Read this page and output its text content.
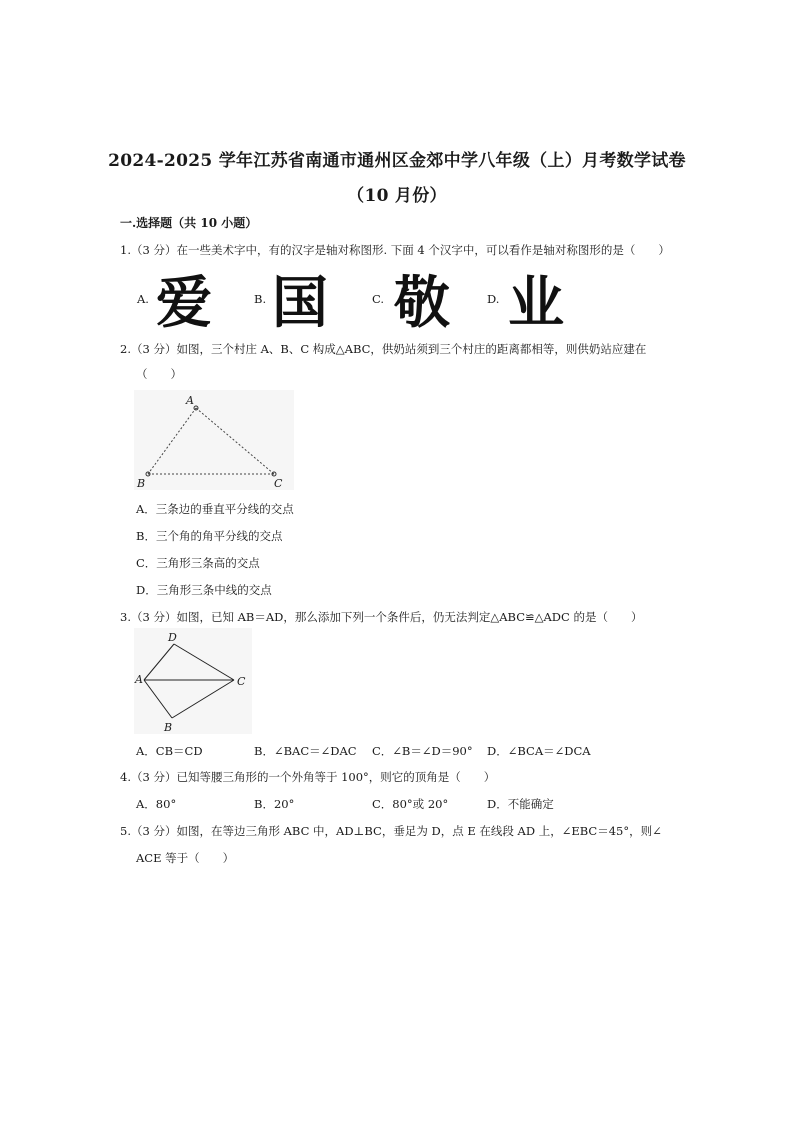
2024-2025 学年江苏省南通市通州区金郊中学八年级（上）月考数学试卷
（10 月份）
一.选择题（共 10 小题）
1.（3 分）在一些美术字中，有的汉字是轴对称图形. 下面 4 个汉字中，可以看作是轴对称图形的是（　　）
A. 爱	B. 国	C. 敬	D. 业
2.（3 分）如图，三个村庄 A、B、C 构成△ABC，供奶站须到三个村庄的距离都相等，则供奶站应建在
（　　）
A
B	C
A．三条边的垂直平分线的交点
B．三个角的角平分线的交点
C．三角形三条高的交点
D．三角形三条中线的交点
3.（3 分）如图，已知 AB＝AD，那么添加下列一个条件后，仍无法判定△ABC≌△ADC 的是（　　）
D
A	C
B
A．CB＝CD	B．∠BAC＝∠DAC C．∠B＝∠D＝90° D．∠BCA＝∠DCA
4.（3 分）已知等腰三角形的一个外角等于 100°，则它的顶角是（　　）
A．80°	B．20°	C．80°或 20°	D．不能确定
5.（3 分）如图，在等边三角形 ABC 中，AD⊥BC，垂足为 D，点 E 在线段 AD 上，∠EBC＝45°，则∠
ACE 等于（　　）
